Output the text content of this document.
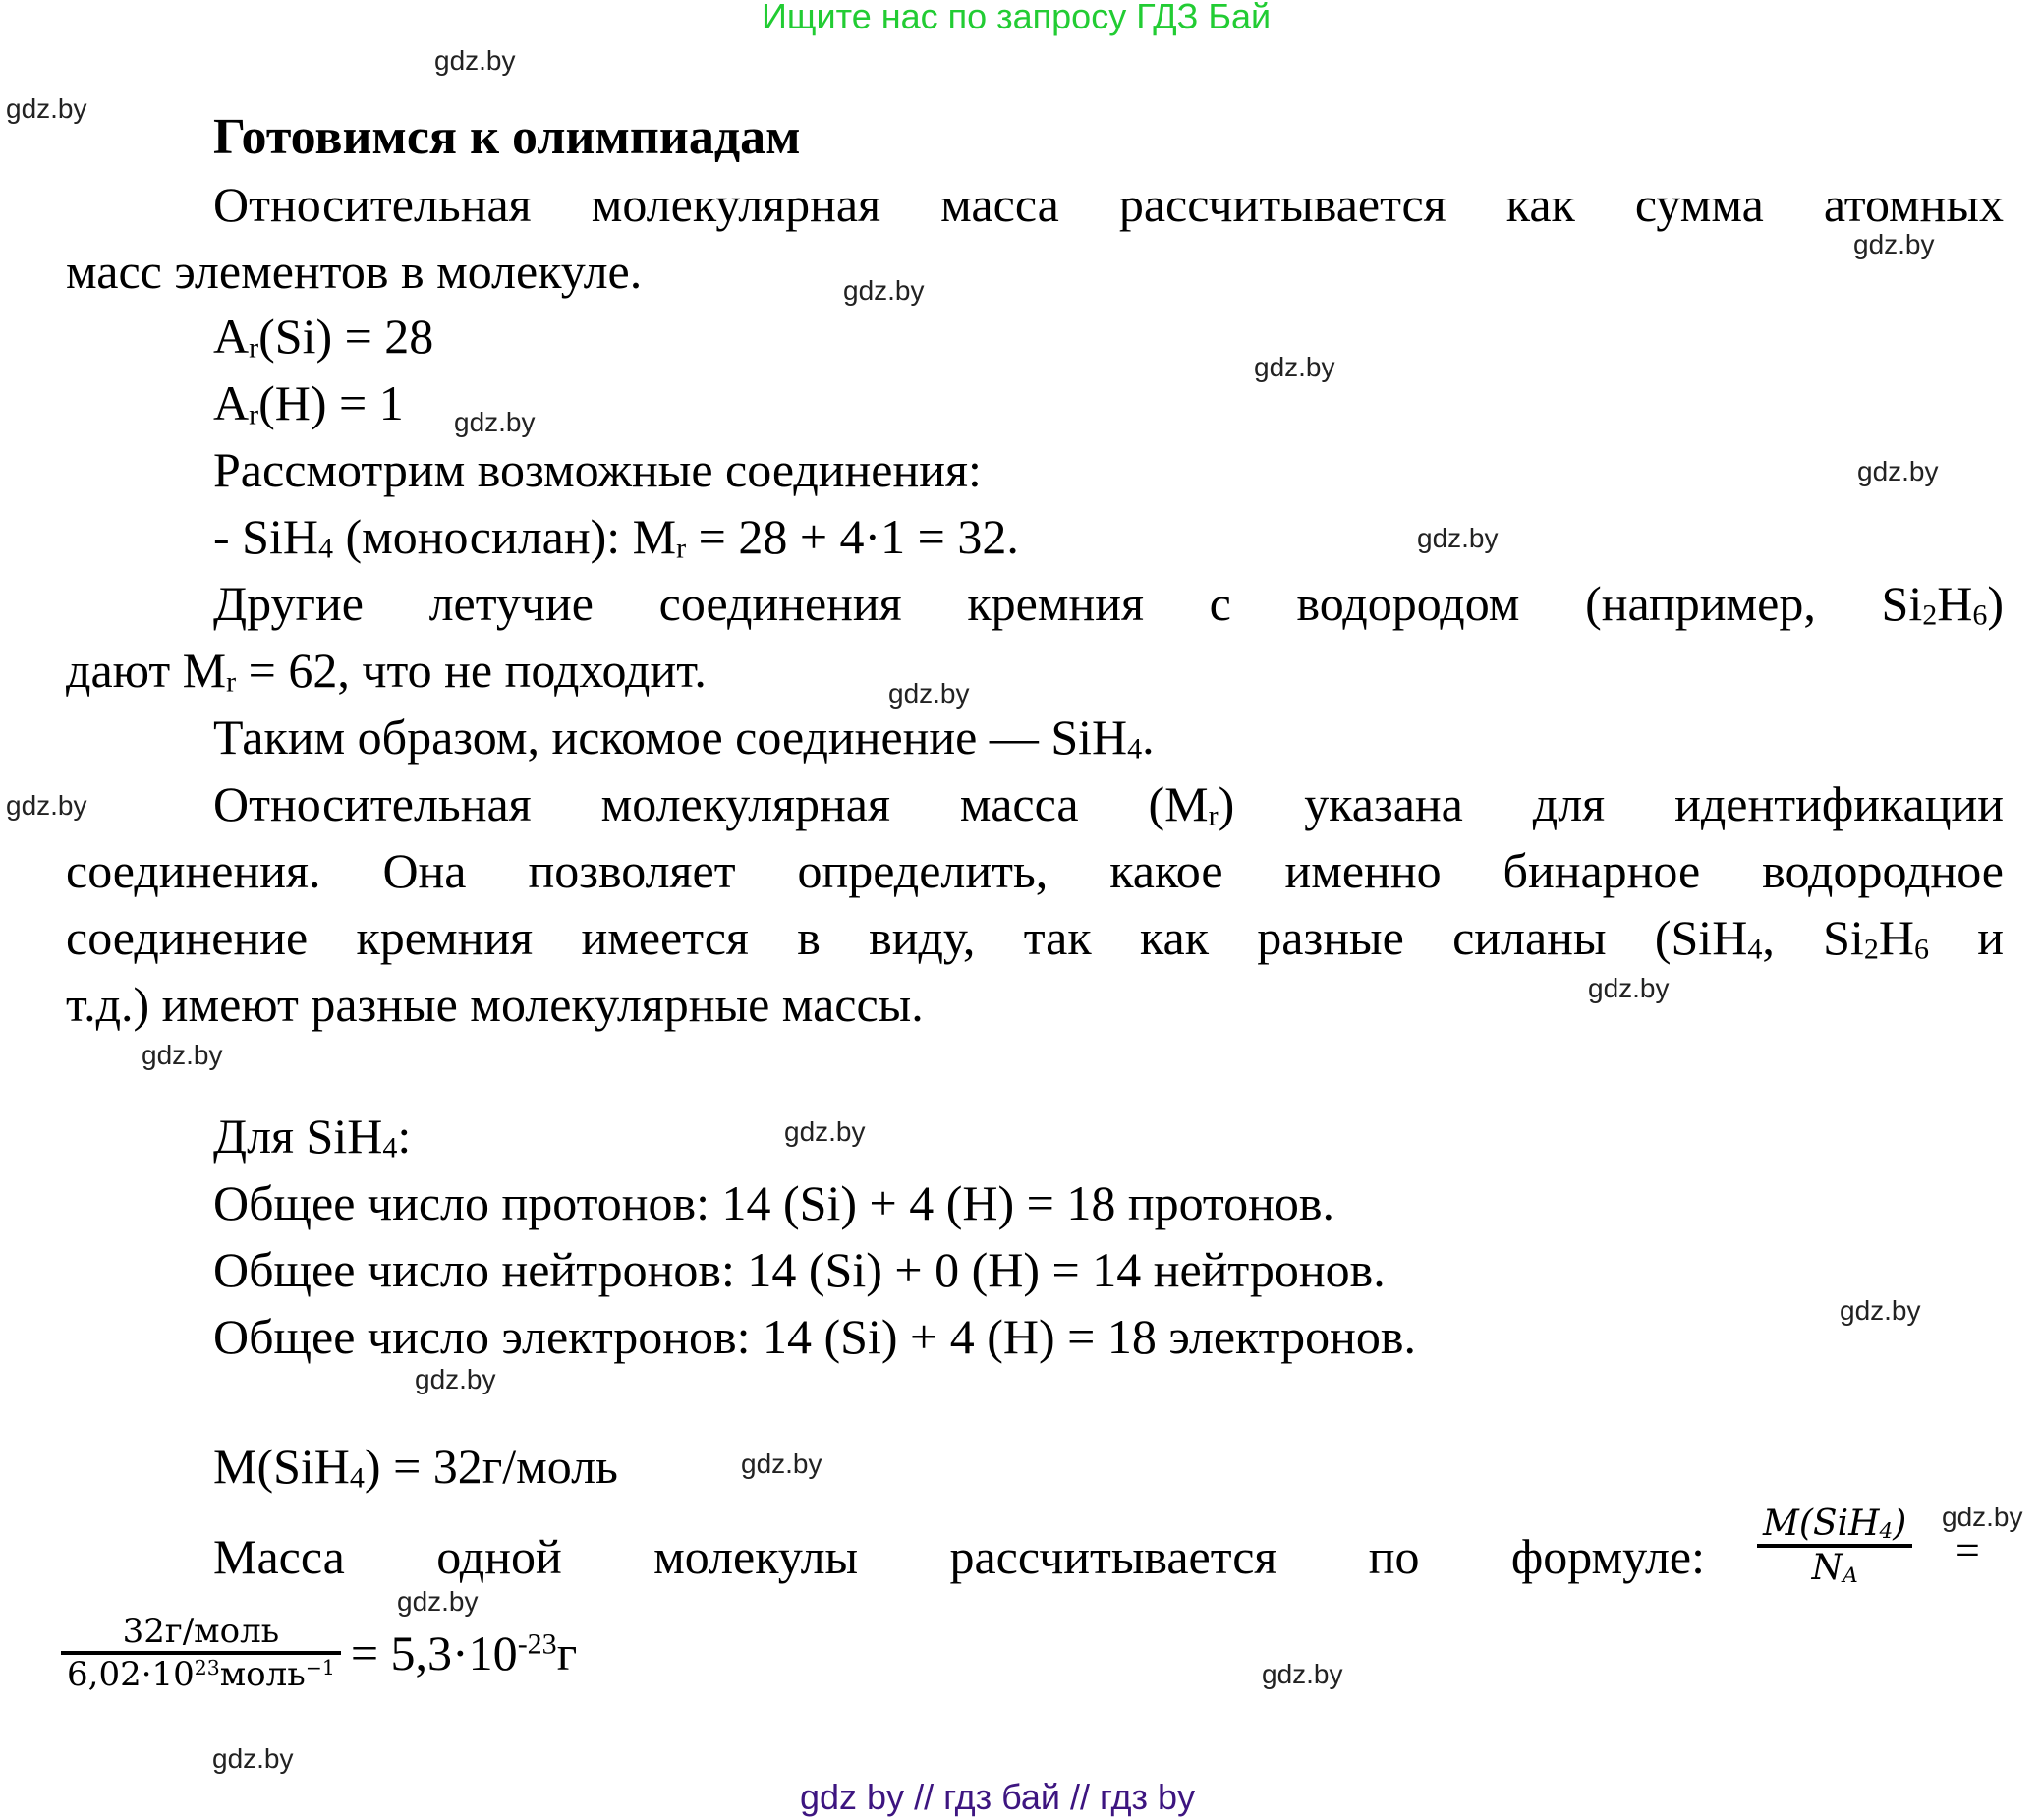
Ищите нас по запросу ГДЗ Бай
gdz.by
gdz.by
gdz.by
gdz.by
gdz.by
gdz.by
gdz.by
gdz.by
gdz.by
gdz.by
gdz.by
gdz.by
gdz.by
gdz.by
gdz.by
gdz.by
gdz.by
gdz.by
gdz.by
gdz.by
Готовимся к олимпиадам
Относительная молекулярная масса рассчитывается как сумма атомных
масс элементов в молекуле.
$A_r(Si) = 28$
$A_r(H) = 1$
Рассмотрим возможные соединения:
- SiH$_4$ (моносилан): $M_r = 28 + 4\cdot 1 = 32$.
Другие летучие соединения кремния с водородом (например, $Si_2H_6$)
дают $M_r = 62$, что не подходит.
Таким образом, искомое соединение — SiH$_4$.
Относительная молекулярная масса $(M_r)$ указана для идентификации
соединения. Она позволяет определить, какое именно бинарное водородное
соединение кремния имеется в виду, так как разные силаны (SiH$_4$, $Si_2H_6$ и
т.д.) имеют разные молекулярные массы.
Для SiH$_4$:
Общее число протонов: 14 (Si) + 4 (H) = 18 протонов.
Общее число нейтронов: 14 (Si) + 0 (H) = 14 нейтронов.
Общее число электронов: 14 (Si) + 4 (H) = 18 электронов.
M(SiH$_4$) = 32г/моль
Масса одной молекулы рассчитывается по формуле: $\frac{M(SiH_4)}{N_A}$ =
$\frac{\text{32г/моль}}{6,02\cdot 10^{23}моль^{-1}} = 5,3\cdot 10^{-23}г$
gdz by // гдз бай // гдз by
